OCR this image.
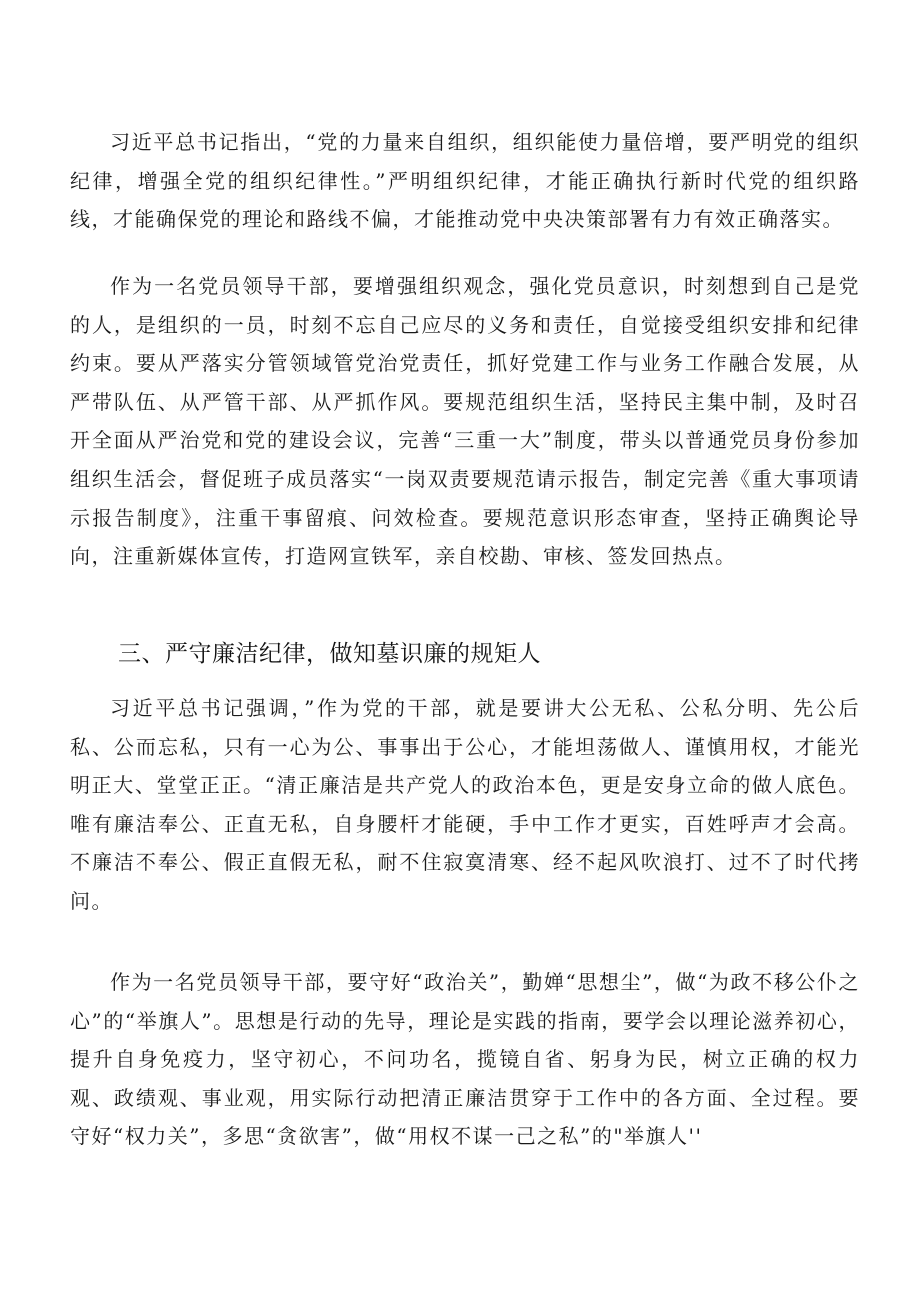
习近平总书记指出，“党的力量来自组织，组织能使力量倍增，要严明党的组织纪律，增强全党的组织纪律性。”严明组织纪律，才能正确执行新时代党的组织路线，才能确保党的理论和路线不偏，才能推动党中央决策部署有力有效正确落实。

作为一名党员领导干部，要增强组织观念，强化党员意识，时刻想到自己是党的人，是组织的一员，时刻不忘自己应尽的义务和责任，自觉接受组织安排和纪律约束。要从严落实分管领域管党治党责任，抓好党建工作与业务工作融合发展，从严带队伍、从严管干部、从严抓作风。要规范组织生活，坚持民主集中制，及时召开全面从严治党和党的建设会议，完善“三重一大”制度，带头以普通党员身份参加组织生活会，督促班子成员落实“一岗双责要规范请示报告，制定完善《重大事项请示报告制度》，注重干事留痕、问效检查。要规范意识形态审查，坚持正确舆论导向，注重新媒体宣传，打造网宣铁军，亲自校勘、审核、签发回热点。

三、严守廉洁纪律，做知墓识廉的规矩人

习近平总书记强调，”作为党的干部，就是要讲大公无私、公私分明、先公后私、公而忘私，只有一心为公、事事出于公心，才能坦荡做人、谨慎用权，才能光明正大、堂堂正正。“清正廉洁是共产党人的政治本色，更是安身立命的做人底色。唯有廉洁奉公、正直无私，自身腰杆才能硬，手中工作才更实，百姓呼声才会高。不廉洁不奉公、假正直假无私，耐不住寂寞清寒、经不起风吹浪打、过不了时代拷问。

作为一名党员领导干部，要守好“政治关”，勤婵“思想尘”，做“为政不移公仆之心”的“举旗人”。思想是行动的先导，理论是实践的指南，要学会以理论滋养初心，提升自身免疫力，坚守初心，不问功名，揽镜自省、躬身为民，树立正确的权力观、政绩观、事业观，用实际行动把清正廉洁贯穿于工作中的各方面、全过程。要守好“权力关”，多思“贪欲害”，做“用权不谋一己之私”的"举旗人''
